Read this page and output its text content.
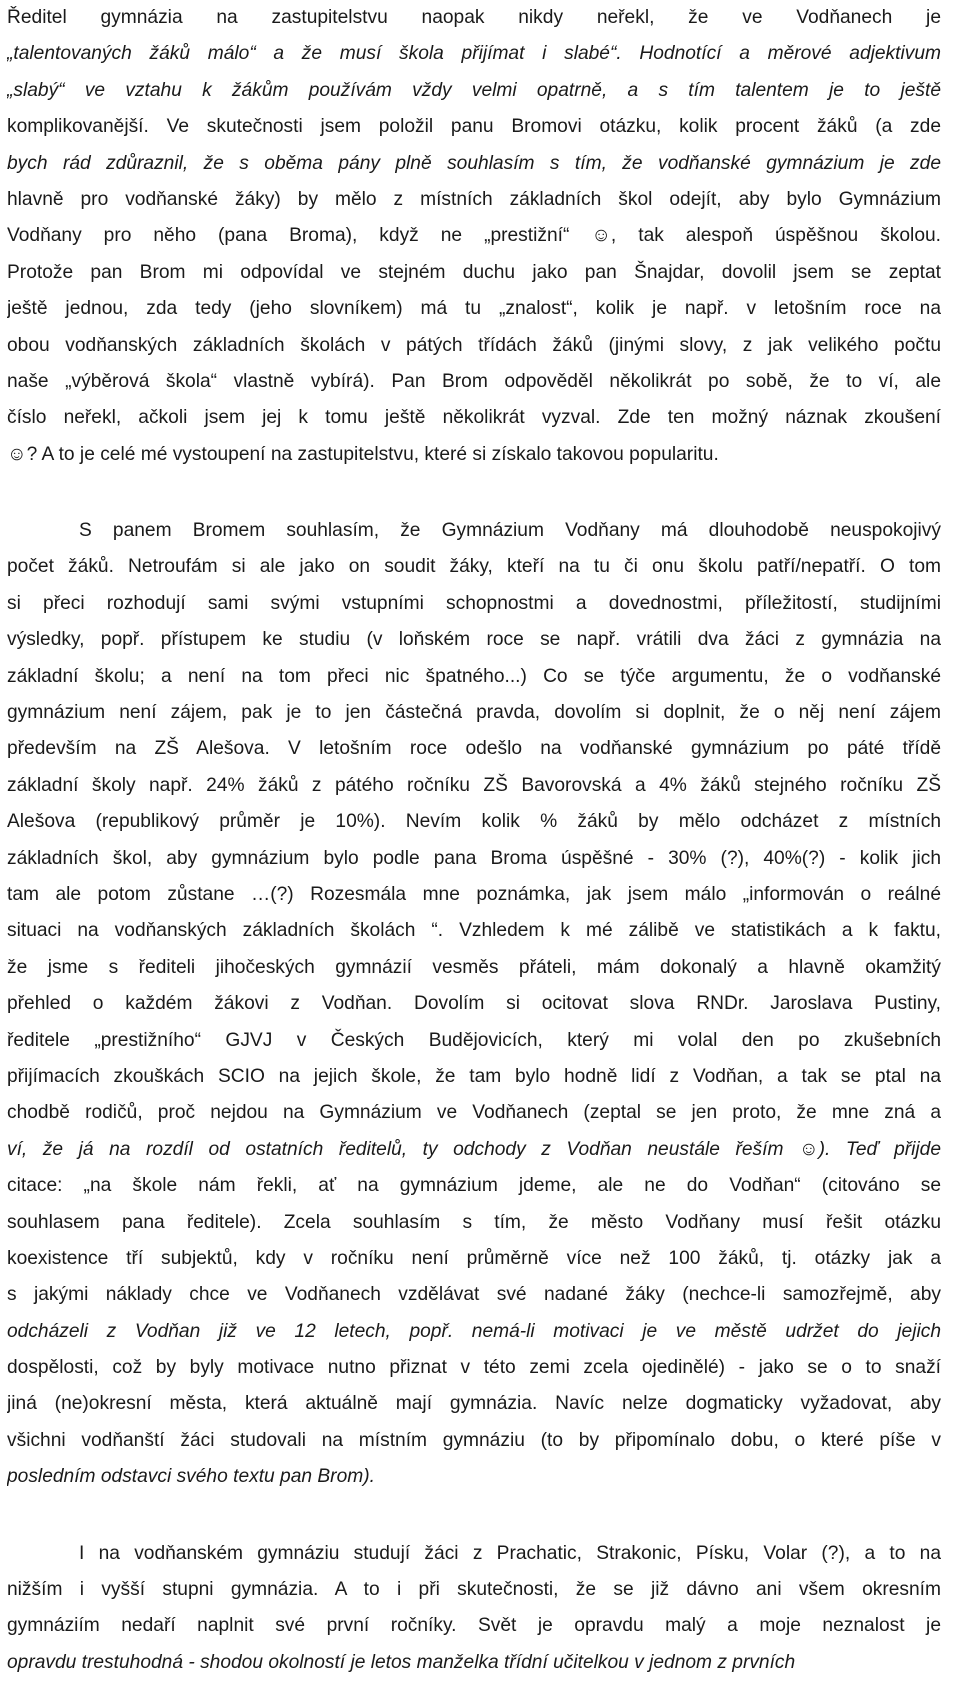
Ředitel gymnázia na zastupitelstvu naopak nikdy neřekl, že ve Vodňanech je
„talentovaných žáků málo“ a že musí škola přijímat i slabé“. Hodnotící a měrové adjektivum
„slabý“ ve vztahu k žákům používám vždy velmi opatrně, a s tím talentem je to ještě
komplikovanější. Ve skutečnosti jsem položil panu Bromovi otázku, kolik procent žáků (a zde
bych rád zdůraznil, že s oběma pány plně souhlasím s tím, že vodňanské gymnázium je zde
hlavně pro vodňanské žáky) by mělo z místních základních škol odejít, aby bylo Gymnázium
Vodňany pro něho (pana Broma), když ne „prestižní“ ☺, tak alespoň úspěšnou školou.
Protože pan Brom mi odpovídal ve stejném duchu jako pan Šnajdar, dovolil jsem se zeptat
ještě jednou, zda tedy (jeho slovníkem) má tu „znalost“, kolik je např. v letošním roce na
obou vodňanských základních školách v pátých třídách žáků (jinými slovy, z jak velikého počtu
naše „výběrová škola“ vlastně vybírá). Pan Brom odpověděl několikrát po sobě, že to ví, ale
číslo neřekl, ačkoli jsem jej k tomu ještě několikrát vyzval. Zde ten možný náznak zkoušení
☺? A to je celé mé vystoupení na zastupitelstvu, které si získalo takovou popularitu.
S panem Bromem souhlasím, že Gymnázium Vodňany má dlouhodobě neuspokojivý
počet žáků. Netroufám si ale jako on soudit žáky, kteří na tu či onu školu patří/nepatří. O tom
si přeci rozhodují sami svými vstupními schopnostmi a dovednostmi, příležitostí, studijními
výsledky, popř. přístupem ke studiu (v loňském roce se např. vrátili dva žáci z gymnázia na
základní školu; a není na tom přeci nic špatného...) Co se týče argumentu, že o vodňanské
gymnázium není zájem, pak je to jen částečná pravda, dovolím si doplnit, že o něj není zájem
především na ZŠ Alešova. V letošním roce odešlo na vodňanské gymnázium po páté třídě
základní školy např. 24% žáků z pátého ročníku ZŠ Bavorovská a 4% žáků stejného ročníku ZŠ
Alešova (republikový průměr je 10%). Nevím kolik % žáků by mělo odcházet z místních
základních škol, aby gymnázium bylo podle pana Broma úspěšné - 30% (?), 40%(?) - kolik jich
tam ale potom zůstane …(?) Rozesmála mne poznámka, jak jsem málo „informován o reálné
situaci na vodňanských základních školách “. Vzhledem k mé zálibě ve statistikách a k faktu,
že jsme s řediteli jihočeských gymnázií vesměs přáteli, mám dokonalý a hlavně okamžitý
přehled o každém žákovi z Vodňan. Dovolím si ocitovat slova RNDr. Jaroslava Pustiny,
ředitele „prestižního“ GJVJ v Českých Budějovicích, který mi volal den po zkušebních
přijímacích zkouškách SCIO na jejich škole, že tam bylo hodně lidí z Vodňan, a tak se ptal na
chodbě rodičů, proč nejdou na Gymnázium ve Vodňanech (zeptal se jen proto, že mne zná a
ví, že já na rozdíl od ostatních ředitelů, ty odchody z Vodňan neustále řeším ☺). Teď přijde
citace: „na škole nám řekli, ať na gymnázium jdeme, ale ne do Vodňan“ (citováno se
souhlasem pana ředitele). Zcela souhlasím s tím, že město Vodňany musí řešit otázku
koexistence tří subjektů, kdy v ročníku není průměrně více než 100 žáků, tj. otázky jak a
s jakými náklady chce ve Vodňanech vzdělávat své nadané žáky (nechce-li samozřejmě, aby
odcházeli z Vodňan již ve 12 letech, popř. nemá-li motivaci je ve městě udržet do jejich
dospělosti, což by byly motivace nutno přiznat v této zemi zcela ojedinělé) - jako se o to snaží
jiná (ne)okresní města, která aktuálně mají gymnázia. Navíc nelze dogmaticky vyžadovat, aby
všichni vodňanští žáci studovali na místním gymnáziu (to by připomínalo dobu, o které píše v
posledním odstavci svého textu pan Brom).
I na vodňanském gymnáziu studují žáci z Prachatic, Strakonic, Písku, Volar (?), a to na
nižším i vyšší stupni gymnázia. A to i při skutečnosti, že se již dávno ani všem okresním
gymnáziím nedaří naplnit své první ročníky. Svět je opravdu malý a moje neznalost je
opravdu trestuhodná - shodou okolností je letos manželka třídní učitelkou v jednom z prvních
